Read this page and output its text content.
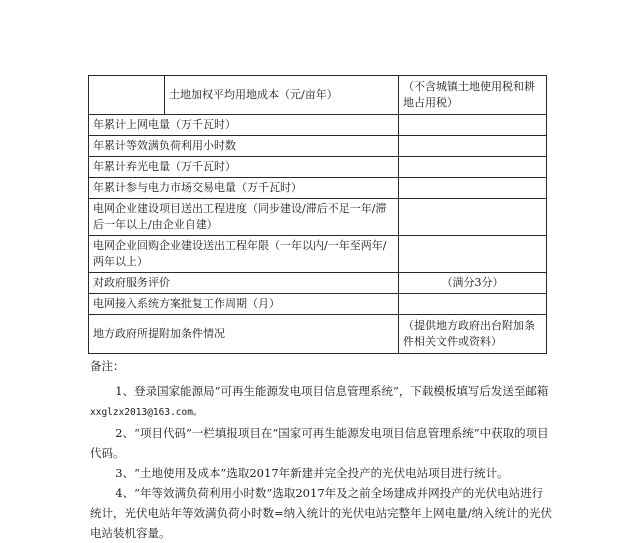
	土地加权平均用地成本（元/亩年）	（不含城镇土地使用税和耕地占用税）
年累计上网电量（万千瓦时）		
年累计等效满负荷利用小时数		
年累计弃光电量（万千瓦时）		
年累计参与电力市场交易电量（万千瓦时）		
电网企业建设项目送出工程进度（同步建设/滞后不足一年/滞后一年以上/由企业自建）		
电网企业回购企业建设送出工程年限（一年以内/一年至两年/两年以上）		
对政府服务评价		（满分3分）
电网接入系统方案批复工作周期（月）		
地方政府所提附加条件情况		（提供地方政府出台附加条件相关文件或资料）
备注：

1、登录国家能源局“可再生能源发电项目信息管理系统”，下载模板填写后发送至邮箱 xxglzx2013@163.com。

2、“项目代码”一栏填报项目在“国家可再生能源发电项目信息管理系统”中获取的项目代码。

3、“土地使用及成本”选取2017年新建并完全投产的光伏电站项目进行统计。

4、“年等效满负荷利用小时数”选取2017年及之前全场建成并网投产的光伏电站进行统计，光伏电站年等效满负荷小时数=纳入统计的光伏电站完整年上网电量/纳入统计的光伏电站装机容量。
